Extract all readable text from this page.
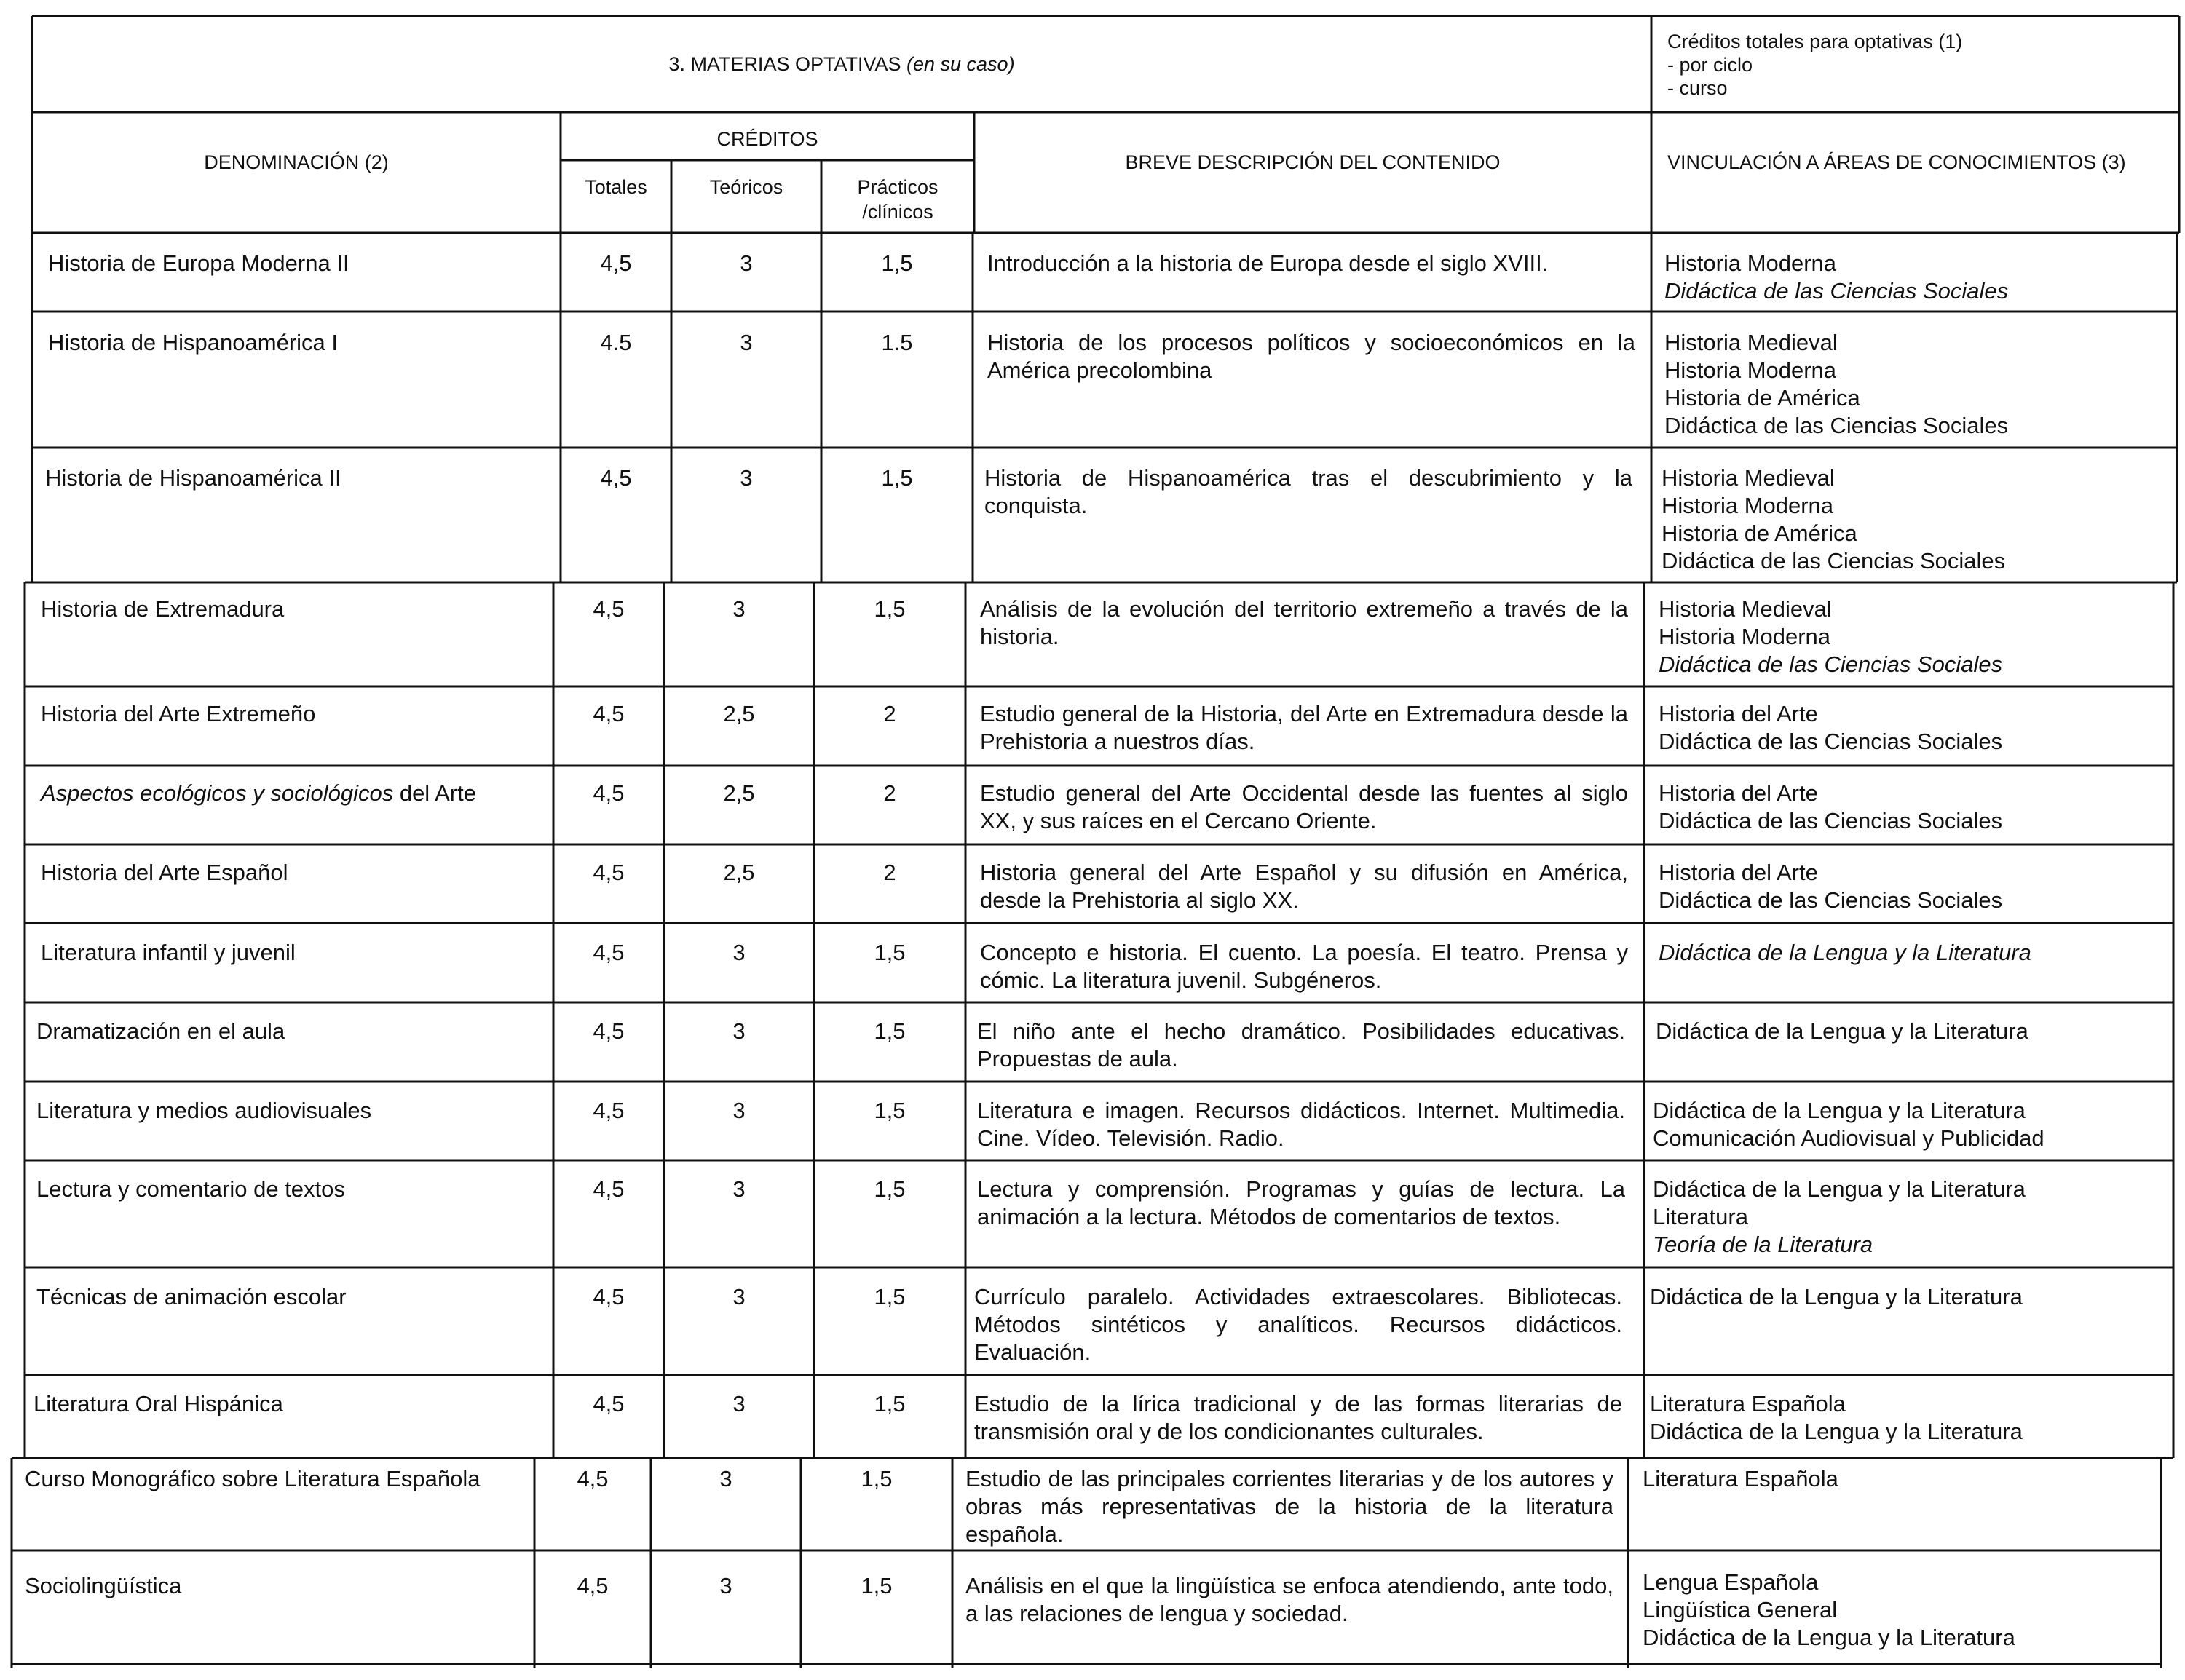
3. MATERIAS OPTATIVAS (en su caso)
Créditos totales para optativas (1)
- por ciclo
- curso
DENOMINACIÓN (2)
CRÉDITOS
Totales	Teóricos	Prácticos
/clínicos
BREVE DESCRIPCIÓN DEL CONTENIDO	VINCULACIÓN A ÁREAS DE CONOCIMIENTOS (3)
Historia de Europa Moderna II	4,5	3	1,5	Introducción a la historia de Europa desde el siglo XVIII.	Historia Moderna
Didáctica de las Ciencias Sociales
Historia de Hispanoamérica I	4.5	3	1.5	Historia de los procesos políticos y socioeconómicos en la América precolombina
Historia Medieval
Historia Moderna
Historia de América
Didáctica de las Ciencias Sociales
Historia de Hispanoamérica II	4,5	3	1,5	Historia de Hispanoamérica tras el descubrimiento y la conquista.
Historia Medieval
Historia Moderna
Historia de América
Didáctica de las Ciencias Sociales
Historia de Extremadura	4,5	3	1,5	Análisis de la evolución del territorio extremeño a través de la historia.
Historia Medieval
Historia Moderna
Didáctica de las Ciencias Sociales
Historia del Arte Extremeño	4,5	2,5	2	Estudio general de la Historia, del Arte en Extremadura desde la Prehistoria a nuestros días.
Historia del Arte
Didáctica de las Ciencias Sociales
Aspectos ecológicos y sociológicos del Arte	4,5	2,5	2	Estudio general del Arte Occidental desde las fuentes al siglo XX, y sus raíces en el Cercano Oriente.
Historia del Arte
Didáctica de las Ciencias Sociales
Historia del Arte Español	4,5	2,5	2	Historia general del Arte Español y su difusión en América, desde la Prehistoria al siglo XX.
Historia del Arte
Didáctica de las Ciencias Sociales
Literatura infantil y juvenil	4,5	3	1,5	Concepto e historia. El cuento. La poesía. El teatro. Prensa y cómic. La literatura juvenil. Subgéneros.
Didáctica de la Lengua y la Literatura
Dramatización en el aula	4,5	3	1,5	El niño ante el hecho dramático. Posibilidades educativas. Propuestas de aula.
Didáctica de la Lengua y la Literatura
Literatura y medios audiovisuales	4,5	3	1,5	Literatura e imagen. Recursos didácticos. Internet. Multimedia. Cine. Vídeo. Televisión. Radio.
Didáctica de la Lengua y la Literatura
Comunicación Audiovisual y Publicidad
Lectura y comentario de textos	4,5	3	1,5	Lectura y comprensión. Programas y guías de lectura. La animación a la lectura. Métodos de comentarios de textos.
Didáctica de la Lengua y la Literatura
Literatura
Teoría de la Literatura
Técnicas de animación escolar	4,5	3	1,5	Currículo paralelo. Actividades extraescolares. Bibliotecas. Métodos sintéticos y analíticos. Recursos didácticos. Evaluación.
Didáctica de la Lengua y la Literatura
Literatura Oral Hispánica	4,5	3	1,5	Estudio de la lírica tradicional y de las formas literarias de transmisión oral y de los condicionantes culturales.
Literatura Española
Didáctica de la Lengua y la Literatura
Curso Monográfico sobre Literatura Española	4,5	3	1,5	Estudio de las principales corrientes literarias y de los autores y obras más representativas de la historia de la literatura española.
Literatura Española
Sociolingüística	4,5	3	1,5	Análisis en el que la lingüística se enfoca atendiendo, ante todo, a las relaciones de lengua y sociedad.
Lengua Española
Lingüística General
Didáctica de la Lengua y la Literatura
